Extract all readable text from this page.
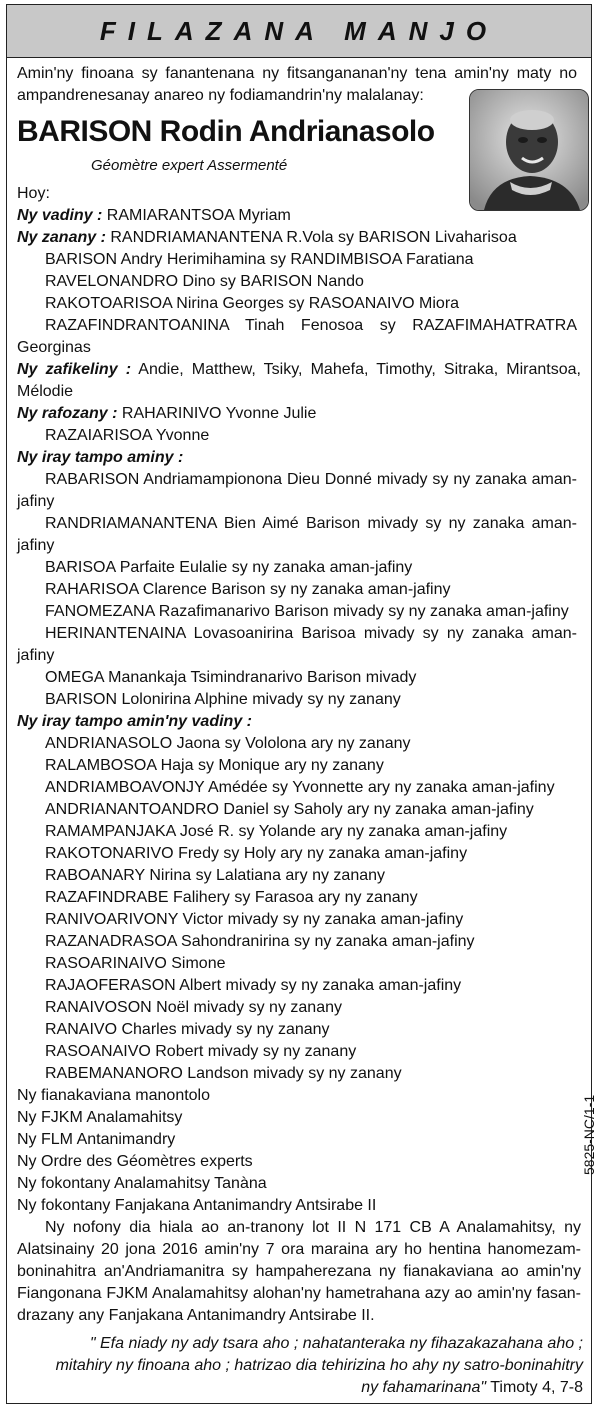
FILAZANA MANJO
Amin'ny finoana sy fanantenana ny fitsangananan'ny tena amin'ny maty no
ampandrenesanay anareo ny fodiamandrin'ny malalanay:
BARISON Rodin Andrianasolo
Géomètre expert Assermenté
Hoy:
Ny vadiny : RAMIARANTSOA Myriam
Ny zanany : RANDRIAMANANTENA R.Vola sy BARISON Livaharisoa
BARISON Andry Herimihamina sy RANDIMBISOA Faratiana
RAVELONANDRO Dino sy BARISON Nando
RAKOTOARISOA Nirina Georges sy RASOANAIVO Miora
RAZAFINDRANTOANINA Tinah Fenosoa sy RAZAFIMAHATRATRA
Georginas
Ny zafikeliny : Andie, Matthew, Tsiky, Mahefa, Timothy, Sitraka, Mirantsoa,
Mélodie
Ny rafozany : RAHARINIVO Yvonne Julie
RAZAIARISOA Yvonne
Ny iray tampo aminy :
RABARISON Andriamampionona Dieu Donné mivady sy ny zanaka aman-
jafiny
RANDRIAMANANTENA Bien Aimé Barison mivady sy ny zanaka aman-
jafiny
BARISOA Parfaite Eulalie sy ny zanaka aman-jafiny
RAHARISOA Clarence Barison sy ny zanaka aman-jafiny
FANOMEZANA Razafimanarivo Barison mivady sy ny zanaka aman-jafiny
HERINANTENAINA Lovasoanirina Barisoa mivady sy ny zanaka aman-
jafiny
OMEGA Manankaja Tsimindranarivo Barison mivady
BARISON Lolonirina Alphine mivady sy ny zanany
Ny iray tampo amin'ny vadiny :
ANDRIANASOLO Jaona sy Vololona ary ny zanany
RALAMBOSOA Haja sy Monique ary ny zanany
ANDRIAMBOAVONJY Amédée sy Yvonnette ary ny zanaka aman-jafiny
ANDRIANANTOANDRO Daniel sy Saholy ary ny zanaka aman-jafiny
RAMAMPANJAKA José R. sy Yolande ary ny zanaka aman-jafiny
RAKOTONARIVO Fredy sy Holy ary ny zanaka aman-jafiny
RABOANARY Nirina sy Lalatiana ary ny zanany
RAZAFINDRABE Falihery sy Farasoa ary ny zanany
RANIVOARIVONY Victor mivady sy ny zanaka aman-jafiny
RAZANADRASOA Sahondranirina sy ny zanaka aman-jafiny
RASOARINAIVO Simone
RAJAOFERASON Albert mivady sy ny zanaka aman-jafiny
RANAIVOSON Noël mivady sy ny zanany
RANAIVO Charles mivady sy ny zanany
RASOANAIVO Robert mivady sy ny zanany
RABEMANANORO Landson mivady sy ny zanany
Ny fianakaviana manontolo
Ny FJKM Analamahitsy
Ny FLM Antanimandry
Ny Ordre des Géomètres experts
Ny fokontany Analamahitsy Tanàna
Ny fokontany Fanjakana Antanimandry Antsirabe II
Ny nofony dia hiala ao an-tranony lot II N 171 CB A Analamahitsy, ny
Alatsinainy 20 jona 2016 amin'ny 7 ora maraina ary ho hentina hanomezam-
boninahitra an'Andriamanitra sy hampaherezana ny fianakaviana ao amin'ny
Fiangonana FJKM Analamahitsy alohan'ny hametrahana azy ao amin'ny fasan-
drazany any Fanjakana Antanimandry Antsirabe II.
" Efa niady ny ady tsara aho ; nahatanteraka ny fihazakazahana aho ;
mitahiry ny finoana aho ; hatrizao dia tehirizina ho ahy ny satro-boninahitry
ny fahamarinana" Timoty 4, 7-8
5825-NC/1-1
